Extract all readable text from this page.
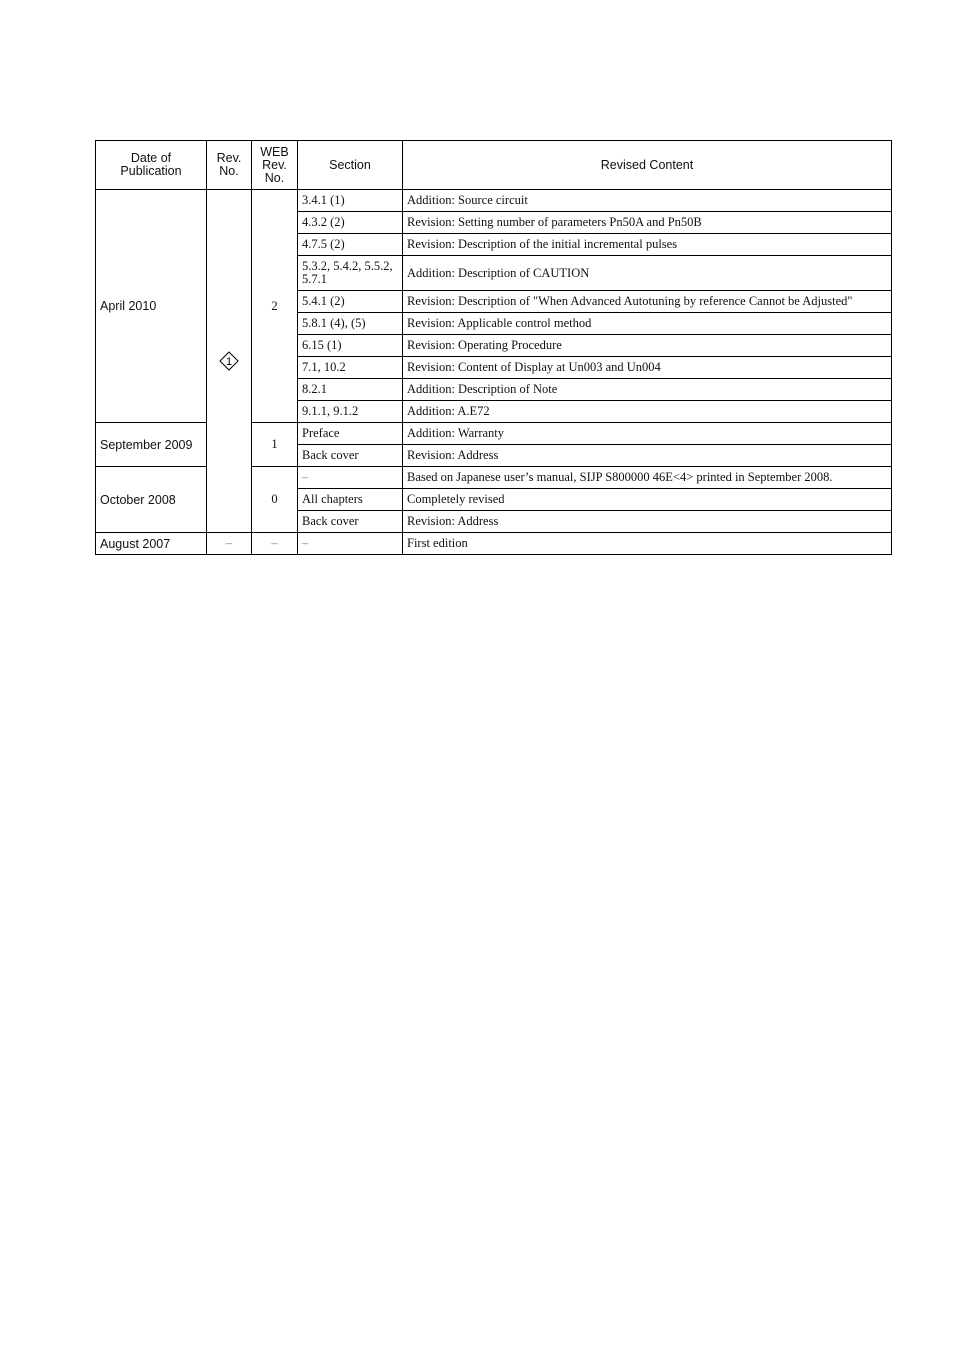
Date of Publication	Rev. No.	WEB Rev. No.	Section	Revised Content
April 2010	1	2	3.4.1 (1)	Addition: Source circuit
			4.3.2 (2)	Revision: Setting number of parameters Pn50A and Pn50B
			4.7.5 (2)	Revision: Description of the initial incremental pulses
			5.3.2, 5.4.2, 5.5.2, 5.7.1	Addition: Description of CAUTION
			5.4.1 (2)	Revision: Description of "When Advanced Autotuning by reference Cannot be Adjusted"
			5.8.1 (4), (5)	Revision: Applicable control method
			6.15 (1)	Revision: Operating Procedure
			7.1, 10.2	Revision: Content of Display at Un003 and Un004
			8.2.1	Addition: Description of Note
			9.1.1, 9.1.2	Addition: A.E72
September 2009		1	Preface	Addition: Warranty
			Back cover	Revision: Address
October 2008		0	–	Based on Japanese user’s manual, SIJP S800000 46E<4> printed in September 2008.
			All chapters	Completely revised
			Back cover	Revision: Address
August 2007	–	–	–	First edition
